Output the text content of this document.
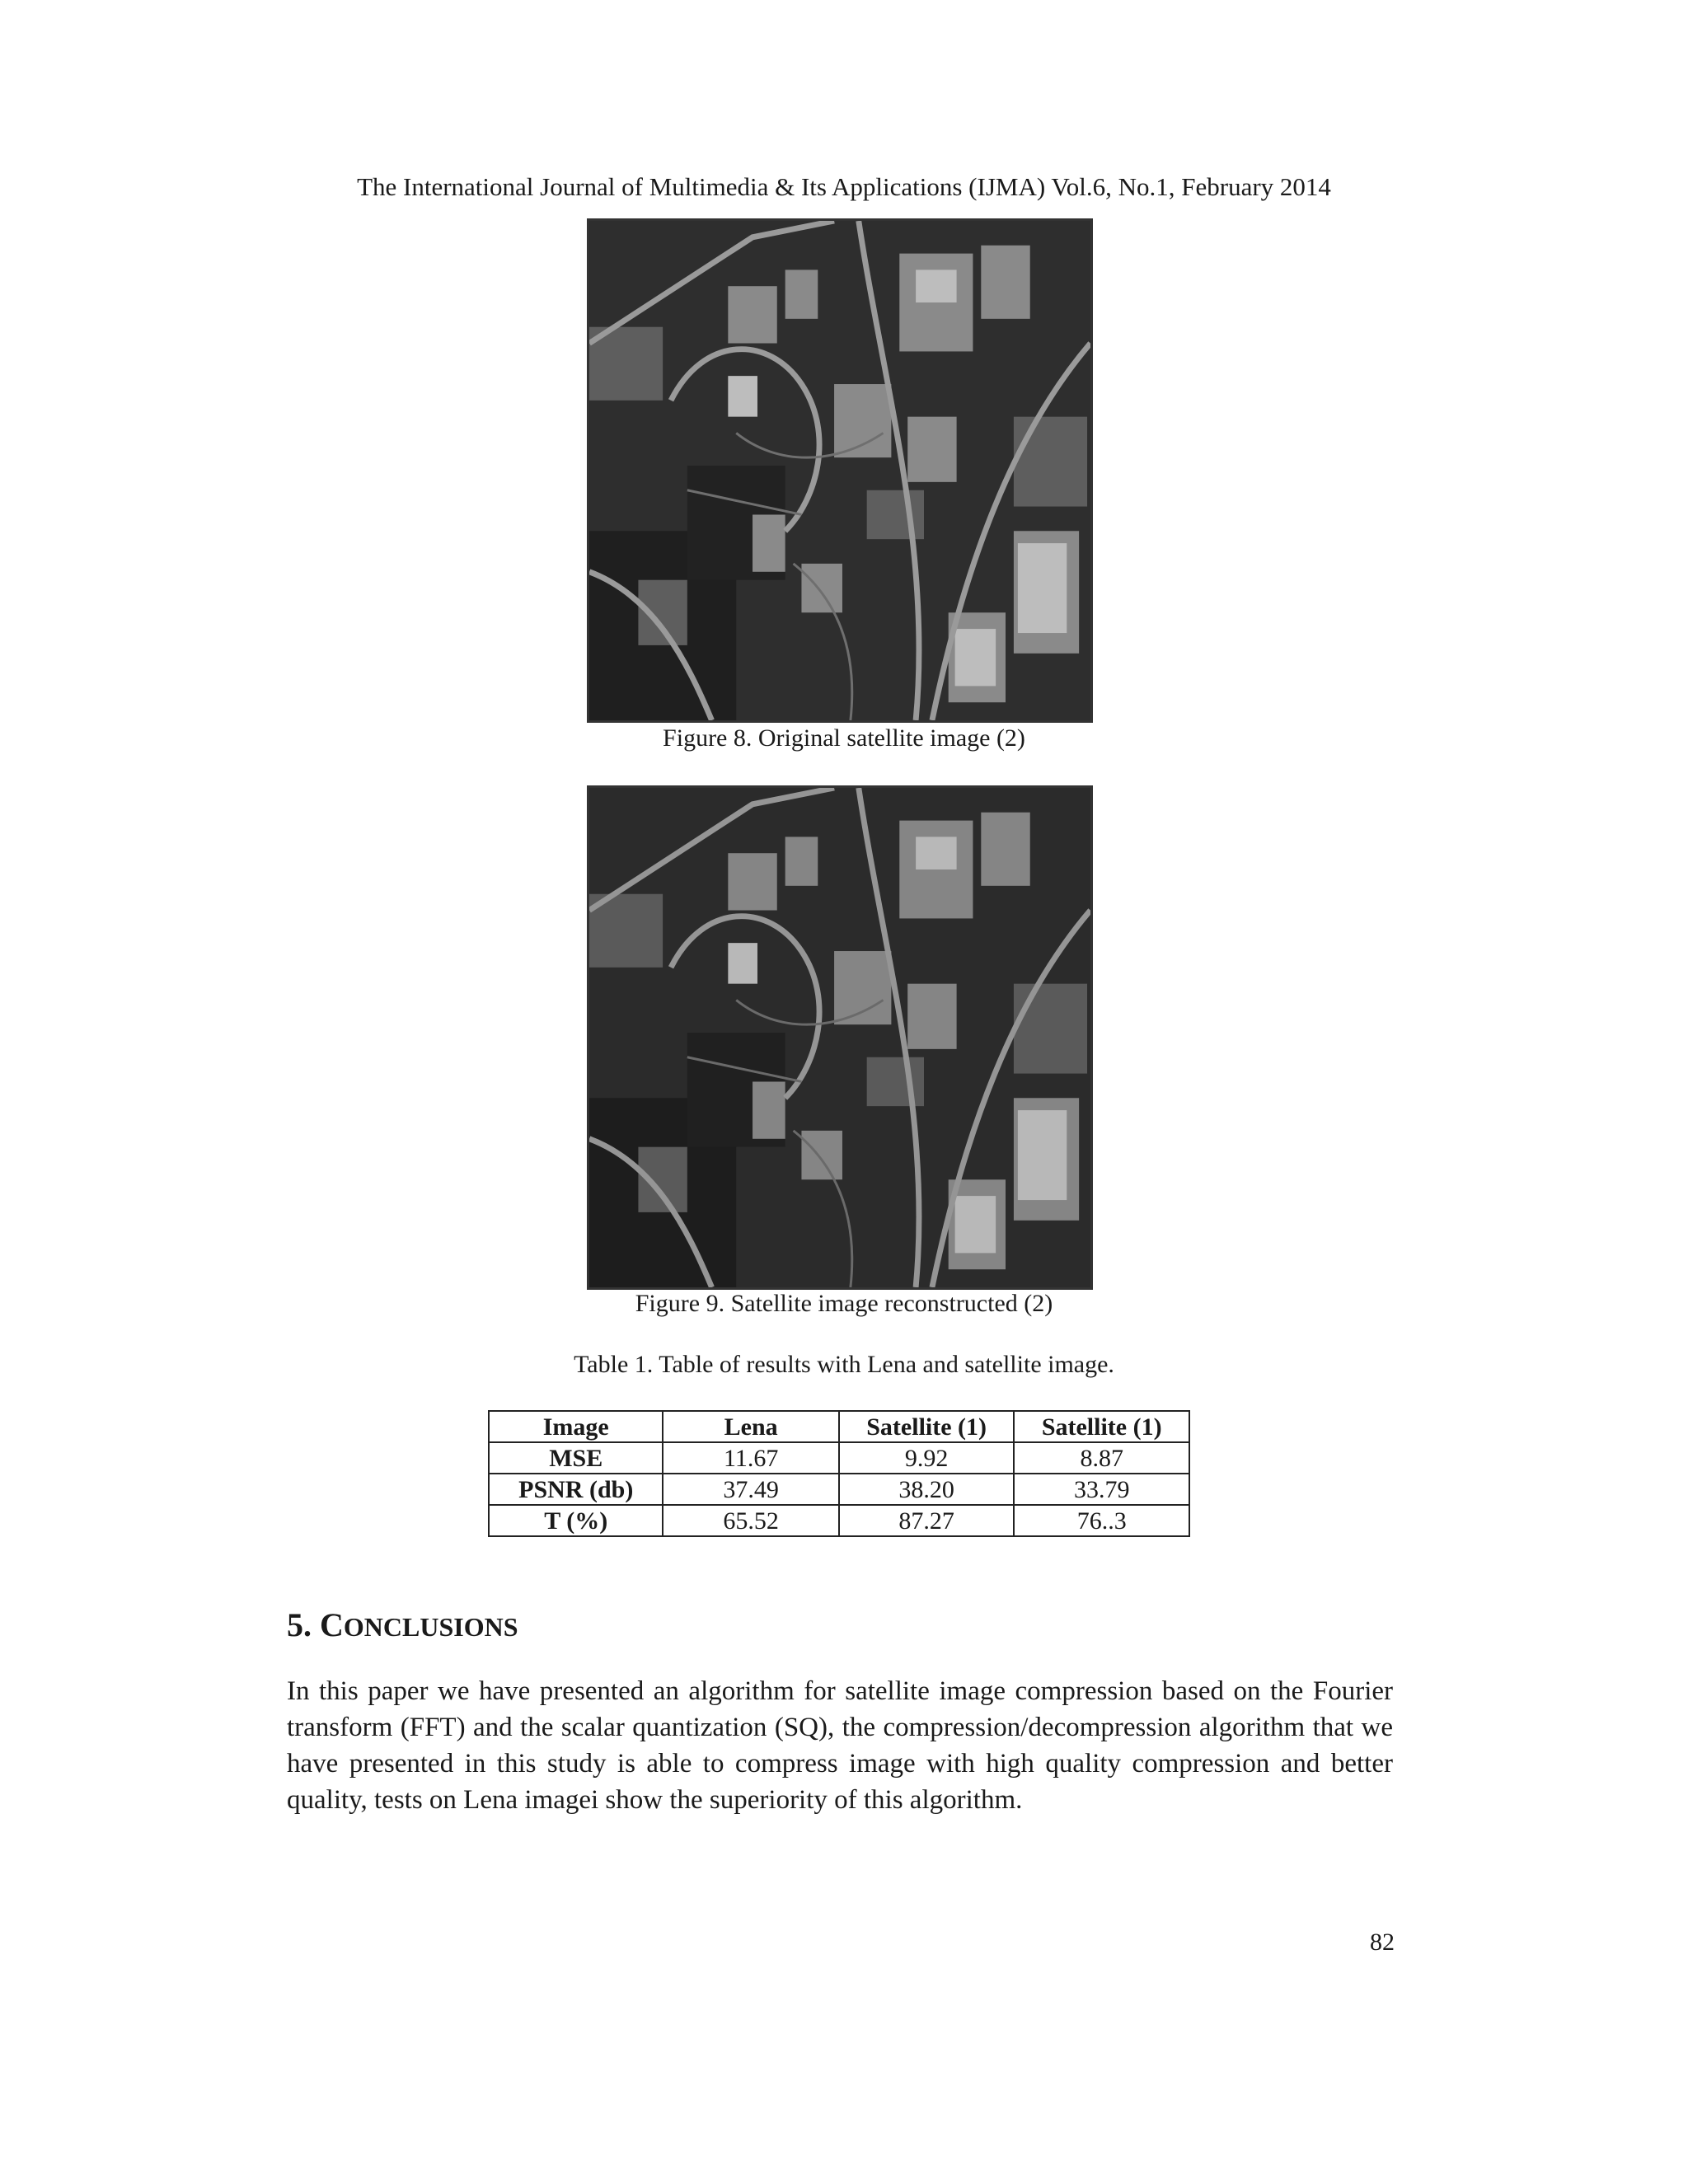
The International Journal of Multimedia & Its Applications (IJMA) Vol.6, No.1, February 2014
Figure 8. Original satellite image (2)
Figure 9. Satellite image reconstructed (2)
Table 1. Table of results with Lena and satellite image.
Image	Lena	Satellite (1)	Satellite (1)
MSE	11.67	9.92	8.87
PSNR (db)	37.49	38.20	33.79
T (%)	65.52	87.27	76..3
5. CONCLUSIONS
In this paper we have presented an algorithm for satellite image compression based on the Fourier transform (FFT) and the scalar quantization (SQ), the compression/decompression algorithm that we have presented in this study is able to compress image with high quality compression and better quality, tests on Lena imagei show the superiority of this algorithm.
82
